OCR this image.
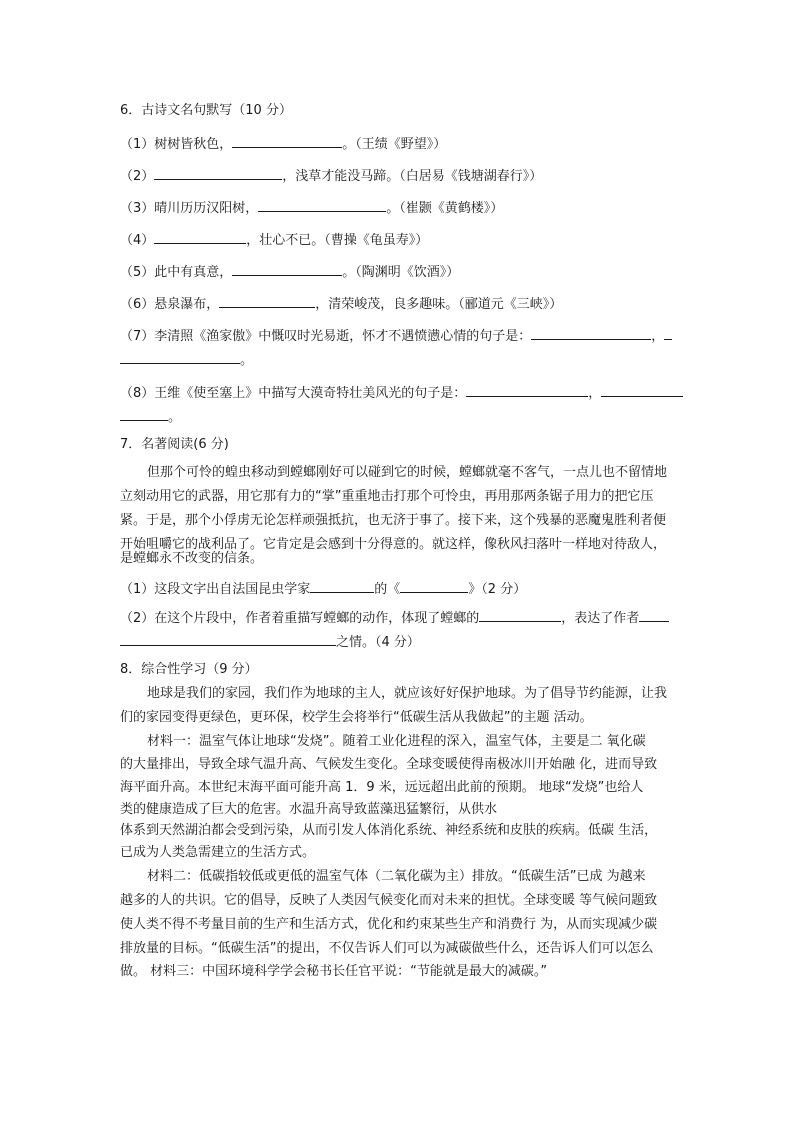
6．古诗文名句默写（10 分）
（1）树树皆秋色，	。（王绩《野望》）
（2）	，浅草才能没马蹄。（白居易《钱塘湖春行》）
（3）晴川历历汉阳树，	。（崔颢《黄鹤楼》）
（4）	，壮心不已。（曹操《龟虽寿》）
（5）此中有真意，	。（陶渊明《饮酒》）
（6）悬泉瀑布，	，清荣峻茂，良多趣味。（郦道元《三峡》）
（7）李清照《渔家傲》中慨叹时光易逝，怀才不遇愤懑心情的句子是：	，
。
（8）王维《使至塞上》中描写大漠奇特壮美风光的句子是：	，
。
7．名著阅读(6 分)
但那个可怜的蝗虫移动到螳螂刚好可以碰到它的时候，螳螂就毫不客气，一点儿也不留情地
立刻动用它的武器，用它那有力的“掌”重重地击打那个可怜虫，再用那两条锯子用力的把它压
紧。于是，那个小俘虏无论怎样顽强抵抗，也无济于事了。接下来，这个残暴的恶魔鬼胜利者便
开始咀嚼它的战利品了。它肯定是会感到十分得意的。就这样，像秋风扫落叶一样地对待敌人，
是螳螂永不改变的信条。
（1）这段文字出自法国昆虫学家	的《	》（2 分）
（2）在这个片段中，作者着重描写螳螂的动作，体现了螳螂的	，表达了作者
之情。（4 分）
8．综合性学习（9 分）
地球是我们的家园，我们作为地球的主人，就应该好好保护地球。为了倡导节约能源，让我
们的家园变得更绿色，更环保，校学生会将举行“低碳生活从我做起”的主题 活动。
材料一：温室气体让地球“发烧”。随着工业化进程的深入，温室气体，主要是二 氧化碳
的大量排出，导致全球气温升高、气候发生变化。全球变暖使得南极冰川开始融 化，进而导致
海平面升高。本世纪末海平面可能升高 1．9 米，远远超出此前的预期。 地球“发烧”也给人
类的健康造成了巨大的危害。水温升高导致蓝藻迅猛繁衍，从供水
体系到天然湖泊都会受到污染，从而引发人体消化系统、神经系统和皮肤的疾病。低碳 生活，
已成为人类急需建立的生活方式。
材料二：低碳指较低或更低的温室气体（二氧化碳为主）排放。“低碳生活”已成 为越来
越多的人的共识。它的倡导，反映了人类因气候变化而对未来的担忧。全球变暖 等气候问题致
使人类不得不考量目前的生产和生活方式，优化和约束某些生产和消费行 为，从而实现减少碳
排放量的目标。“低碳生活”的提出，不仅告诉人们可以为减碳做些什么，还告诉人们可以怎么
做。 材料三：中国环境科学学会秘书长任官平说：“节能就是最大的减碳。”
